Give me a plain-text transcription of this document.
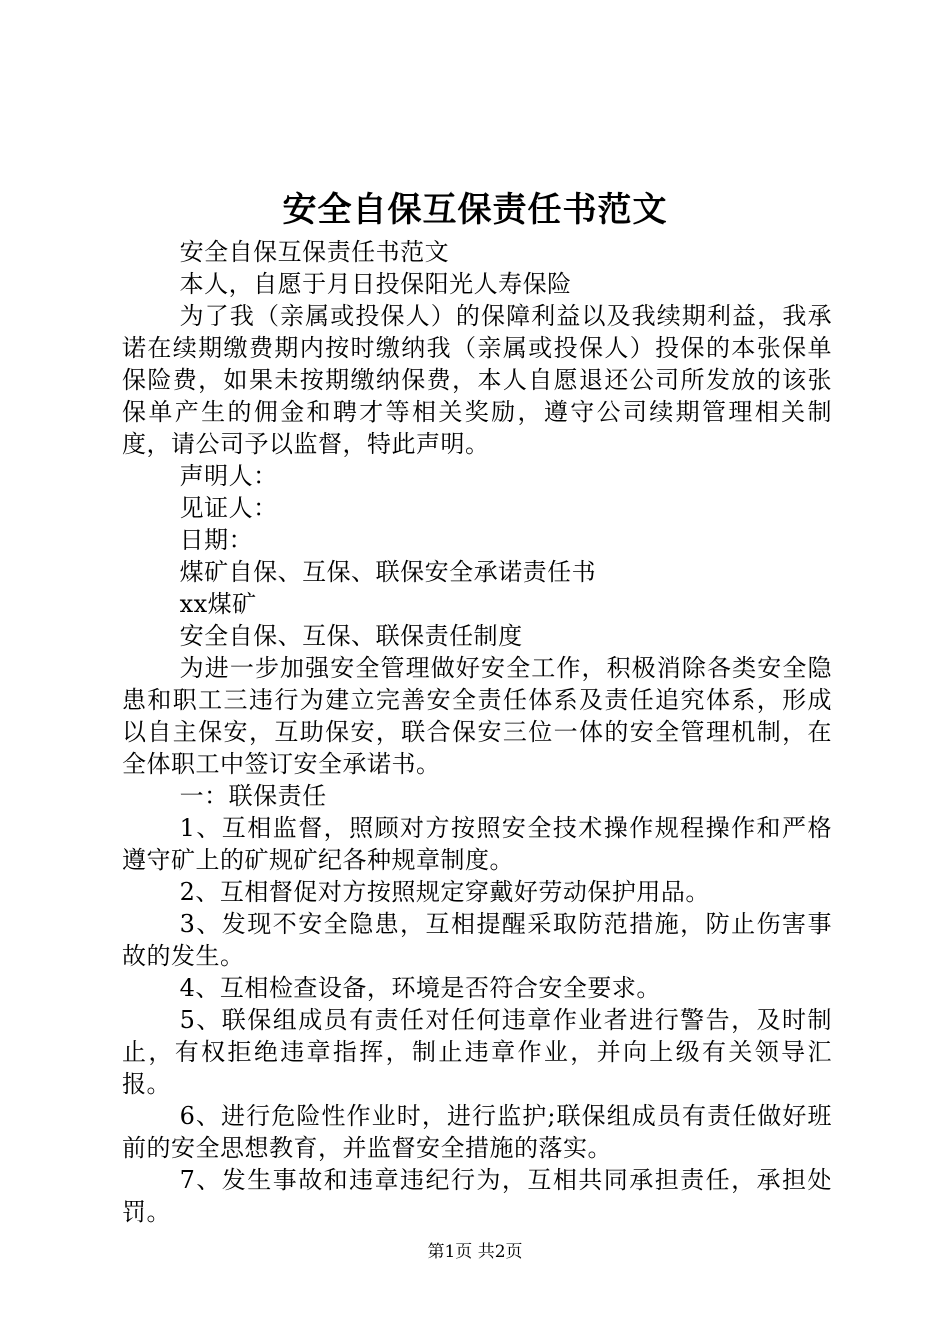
安全自保互保责任书范文

安全自保互保责任书范文

本人，自愿于月日投保阳光人寿保险

为了我（亲属或投保人）的保障利益以及我续期利益，我承诺在续期缴费期内按时缴纳我（亲属或投保人）投保的本张保单保险费，如果未按期缴纳保费，本人自愿退还公司所发放的该张保单产生的佣金和聘才等相关奖励，遵守公司续期管理相关制度，请公司予以监督，特此声明。

声明人：

见证人：

日期：

煤矿自保、互保、联保安全承诺责任书

xx煤矿

安全自保、互保、联保责任制度

为进一步加强安全管理做好安全工作，积极消除各类安全隐患和职工三违行为建立完善安全责任体系及责任追究体系，形成以自主保安，互助保安，联合保安三位一体的安全管理机制，在全体职工中签订安全承诺书。

一：联保责任

1、互相监督，照顾对方按照安全技术操作规程操作和严格遵守矿上的矿规矿纪各种规章制度。

2、互相督促对方按照规定穿戴好劳动保护用品。

3、发现不安全隐患，互相提醒采取防范措施，防止伤害事故的发生。

4、互相检查设备，环境是否符合安全要求。

5、联保组成员有责任对任何违章作业者进行警告，及时制止，有权拒绝违章指挥，制止违章作业，并向上级有关领导汇报。

6、进行危险性作业时，进行监护;联保组成员有责任做好班前的安全思想教育，并监督安全措施的落实。

7、发生事故和违章违纪行为，互相共同承担责任，承担处罚。

第1页 共2页
